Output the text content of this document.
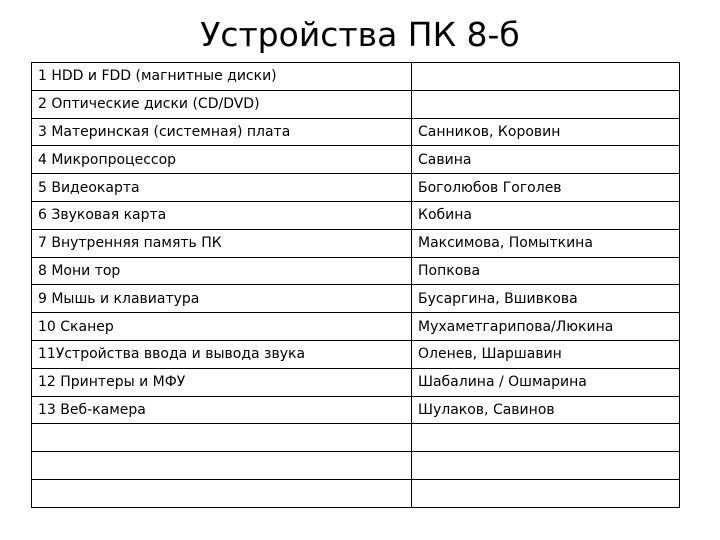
Устройства ПК 8-б
1 HDD и FDD (магнитные диски)	
2 Оптические диски (CD/DVD)	
3 Материнская (системная) плата	Санников, Коровин
4 Микропроцессор	Савина
5 Видеокарта	Боголюбов Гоголев
6 Звуковая карта	Кобина
7 Внутренняя память ПК	Максимова, Помыткина
8 Мони тор	Попкова
9 Мышь и клавиатура	Бусаргина, Вшивкова
10 Сканер	Мухаметгарипова/Люкина
11Устройства ввода и вывода звука	Оленев, Шаршавин
12 Принтеры и МФУ	Шабалина / Ошмарина
13 Веб-камера	Шулаков, Савинов
